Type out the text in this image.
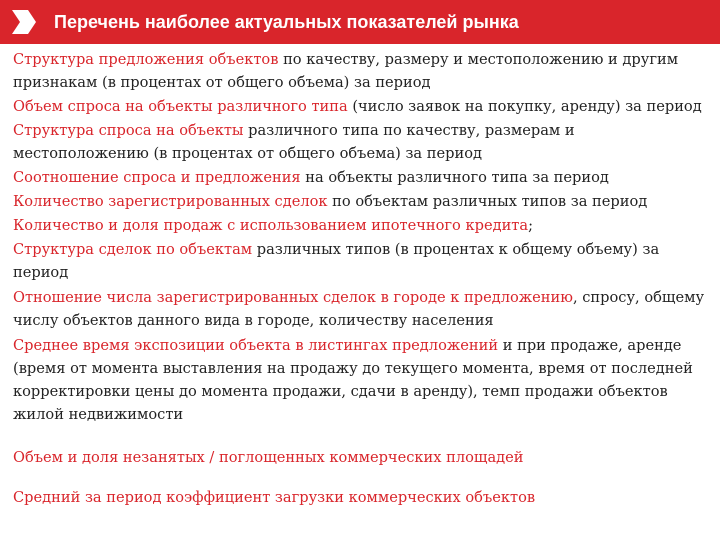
Перечень наиболее актуальных показателей рынка

Структура предложения объектов по качеству, размеру и местоположению и другим признакам (в процентах от общего объема) за период

Объем спроса на объекты различного типа (число заявок на покупку, аренду) за период

Структура спроса на объекты различного типа по качеству, размерам и местоположению (в процентах от общего объема) за период

Соотношение спроса и предложения на объекты различного типа за период

Количество зарегистрированных сделок по объектам различных типов за период

Количество и доля продаж с использованием ипотечного кредита;

Структура сделок по объектам различных типов (в процентах к общему объему) за период

Отношение числа зарегистрированных сделок в городе к предложению, спросу, общему числу объектов данного вида в городе, количеству населения

Среднее время экспозиции объекта в листингах предложений и при продаже, аренде (время от момента выставления на продажу до текущего момента, время от последней корректировки цены до момента продажи, сдачи в аренду), темп продажи объектов жилой недвижимости

Объем и доля незанятых / поглощенных коммерческих площадей

Средний за период коэффициент загрузки коммерческих объектов
